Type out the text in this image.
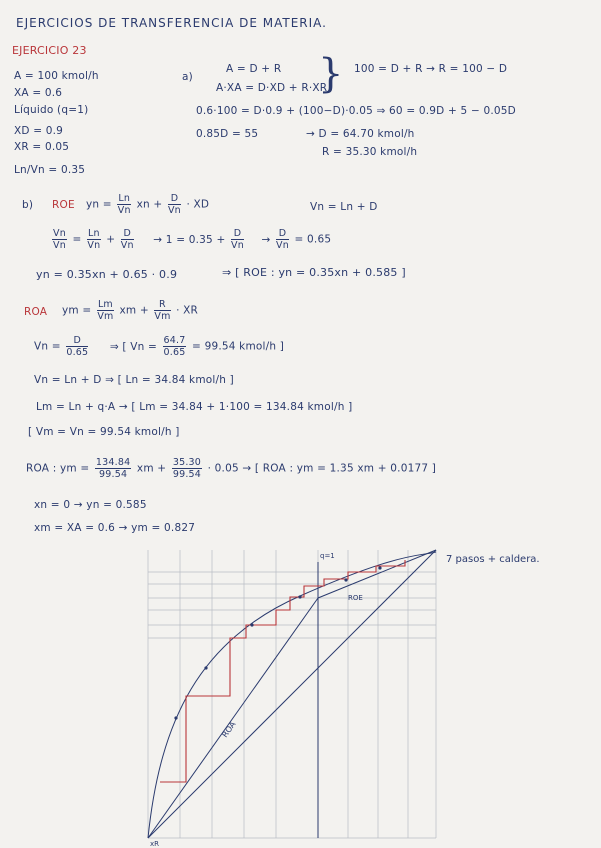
EJERCICIOS DE TRANSFERENCIA DE MATERIA.
EJERCICIO 23
A = 100 kmol/h
XA = 0.6
Líquido (q=1)
XD = 0.9
XR = 0.05
Ln/Vn = 0.35
a)
A = D + R
A·XA = D·XD + R·XR
} 100 = D + R → R = 100 − D
0.6·100 = D·0.9 + (100−D)·0.05 ⇒ 60 = 0.9D + 5 − 0.05D
0.85D = 55	→ D = 64.70 kmol/h
R = 35.30 kmol/h
b) ROE yn = $\frac{Ln}{Vn}$ xn + $\frac{D}{Vn}$ · XD	Vn = Ln + D
$\frac{Vn}{Vn} = \frac{Ln}{Vn} + \frac{D}{Vn} \to 1 = 0.35 + \frac{D}{Vn} \to \frac{D}{Vn} = 0.65$
yn = 0.35xn + 0.65 · 0.9	⇒ [ ROE : yn = 0.35xn + 0.585 ]
ROA ym = $\frac{Lm}{Vm}$ xm + $\frac{R}{Vm}$ · XR
$Vn = \frac{D}{0.65}$ ⇒ [ $Vn = \frac{64.7}{0.65} = 99.54$ kmol/h ]
Vn = Ln + D ⇒ [ Ln = 34.84 kmol/h ]
Lm = Ln + q·A → [ Lm = 34.84 + 1·100 = 134.84 kmol/h ]
[ Vm = Vn = 99.54 kmol/h ]
ROA : ym = $\frac{134.84}{99.54}$ xm + $\frac{35.30}{99.54} \cdot 0.05$ → [ ROA : ym = 1.35 xm + 0.0177 ]
xn = 0 → yn = 0.585
xm = XA = 0.6 → ym = 0.827
q=1
ROE
ROA
xR
7 pasos + caldera.
